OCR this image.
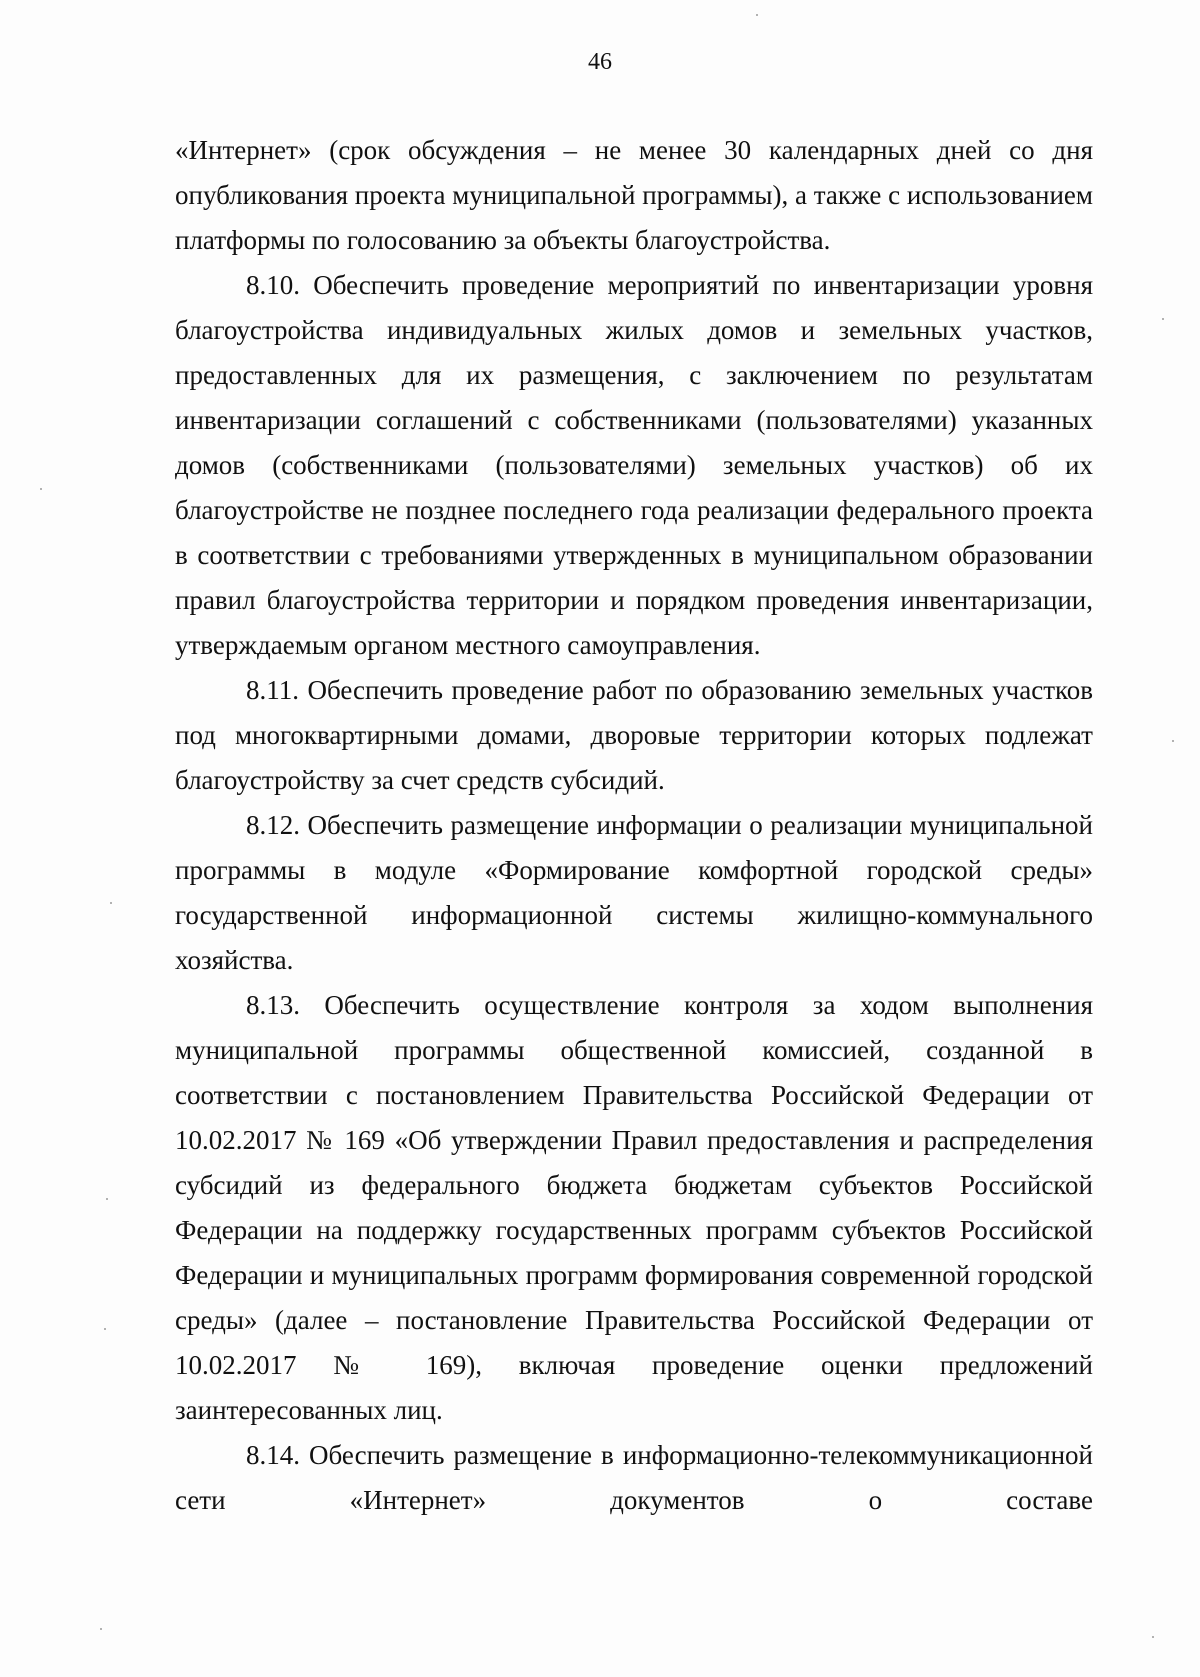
46

«Интернет» (срок обсуждения – не менее 30 календарных дней со дня опубликования проекта муниципальной программы), а также с использованием платформы по голосованию за объекты благоустройства.

8.10. Обеспечить проведение мероприятий по инвентаризации уровня благоустройства индивидуальных жилых домов и земельных участков, предоставленных для их размещения, с заключением по результатам инвентаризации соглашений с собственниками (пользователями) указанных домов (собственниками (пользователями) земельных участков) об их благоустройстве не позднее последнего года реализации федерального проекта в соответствии с требованиями утвержденных в муниципальном образовании правил благоустройства территории и порядком проведения инвентаризации, утверждаемым органом местного самоуправления.

8.11. Обеспечить проведение работ по образованию земельных участков под многоквартирными домами, дворовые территории которых подлежат благоустройству за счет средств субсидий.

8.12. Обеспечить размещение информации о реализации муниципальной программы в модуле «Формирование комфортной городской среды» государственной информационной системы жилищно-коммунального хозяйства.

8.13. Обеспечить осуществление контроля за ходом выполнения муниципальной программы общественной комиссией, созданной в соответствии с постановлением Правительства Российской Федерации от 10.02.2017 № 169 «Об утверждении Правил предоставления и распределения субсидий из федерального бюджета бюджетам субъектов Российской Федерации на поддержку государственных программ субъектов Российской Федерации и муниципальных программ формирования современной городской среды» (далее – постановление Правительства Российской Федерации от 10.02.2017 № 169), включая проведение оценки предложений заинтересованных лиц.

8.14. Обеспечить размещение в информационно-телекоммуникационной сети «Интернет» документов о составе
